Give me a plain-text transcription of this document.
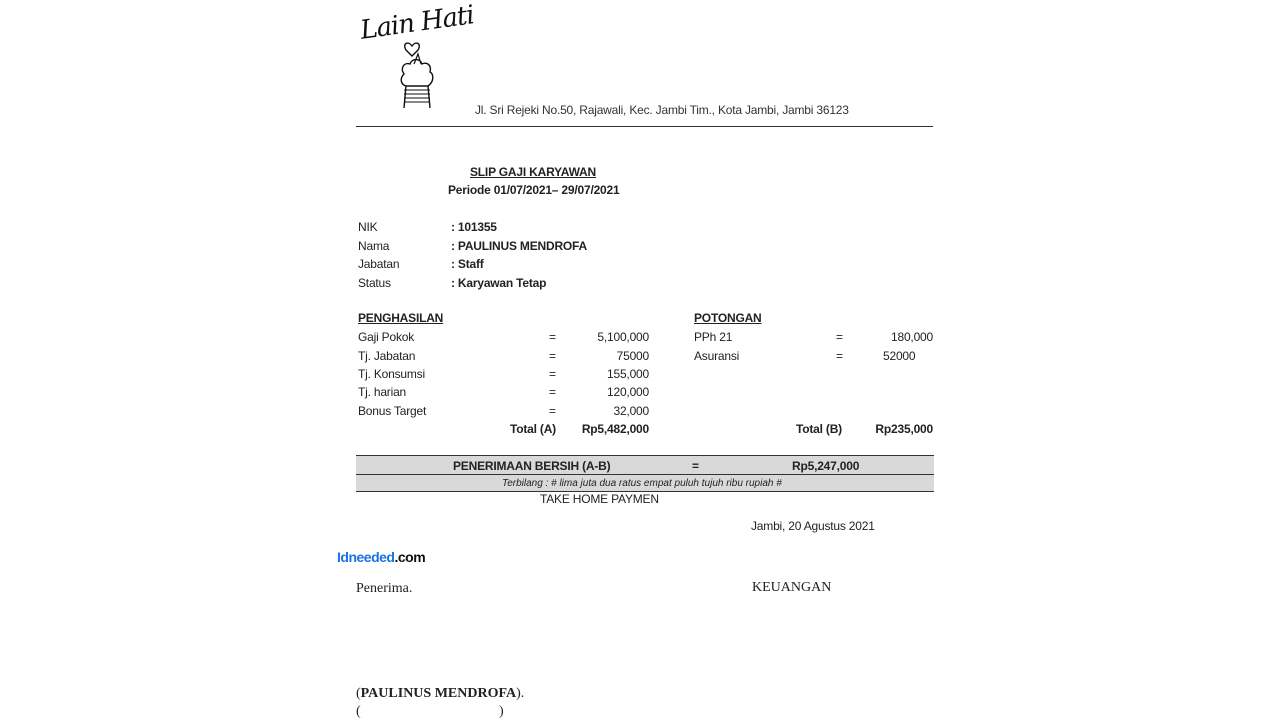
Lain Hati
Jl. Sri Rejeki No.50, Rajawali, Kec. Jambi Tim., Kota Jambi, Jambi 36123
SLIP GAJI KARYAWAN
Periode 01/07/2021– 29/07/2021
NIK	: 101355
Nama	: PAULINUS MENDROFA
Jabatan	: Staff
Status	: Karyawan Tetap
PENGHASILAN
Gaji Pokok	=	5,100,000
Tj. Jabatan	=	75000
Tj. Konsumsi	=	155,000
Tj. harian	=	120,000
Bonus Target	=	32,000
Total (A)	Rp5,482,000
POTONGAN
PPh 21	=	180,000
Asuransi	=	52000
Total (B)	Rp235,000
PENERIMAAN BERSIH (A-B)	=	Rp5,247,000
Terbilang : # lima juta dua ratus empat puluh tujuh ribu rupiah #
TAKE HOME PAYMEN
Jambi, 20 Agustus 2021
Idneeded.com
Penerima.	KEUANGAN
(PAULINUS MENDROFA).
(	)
